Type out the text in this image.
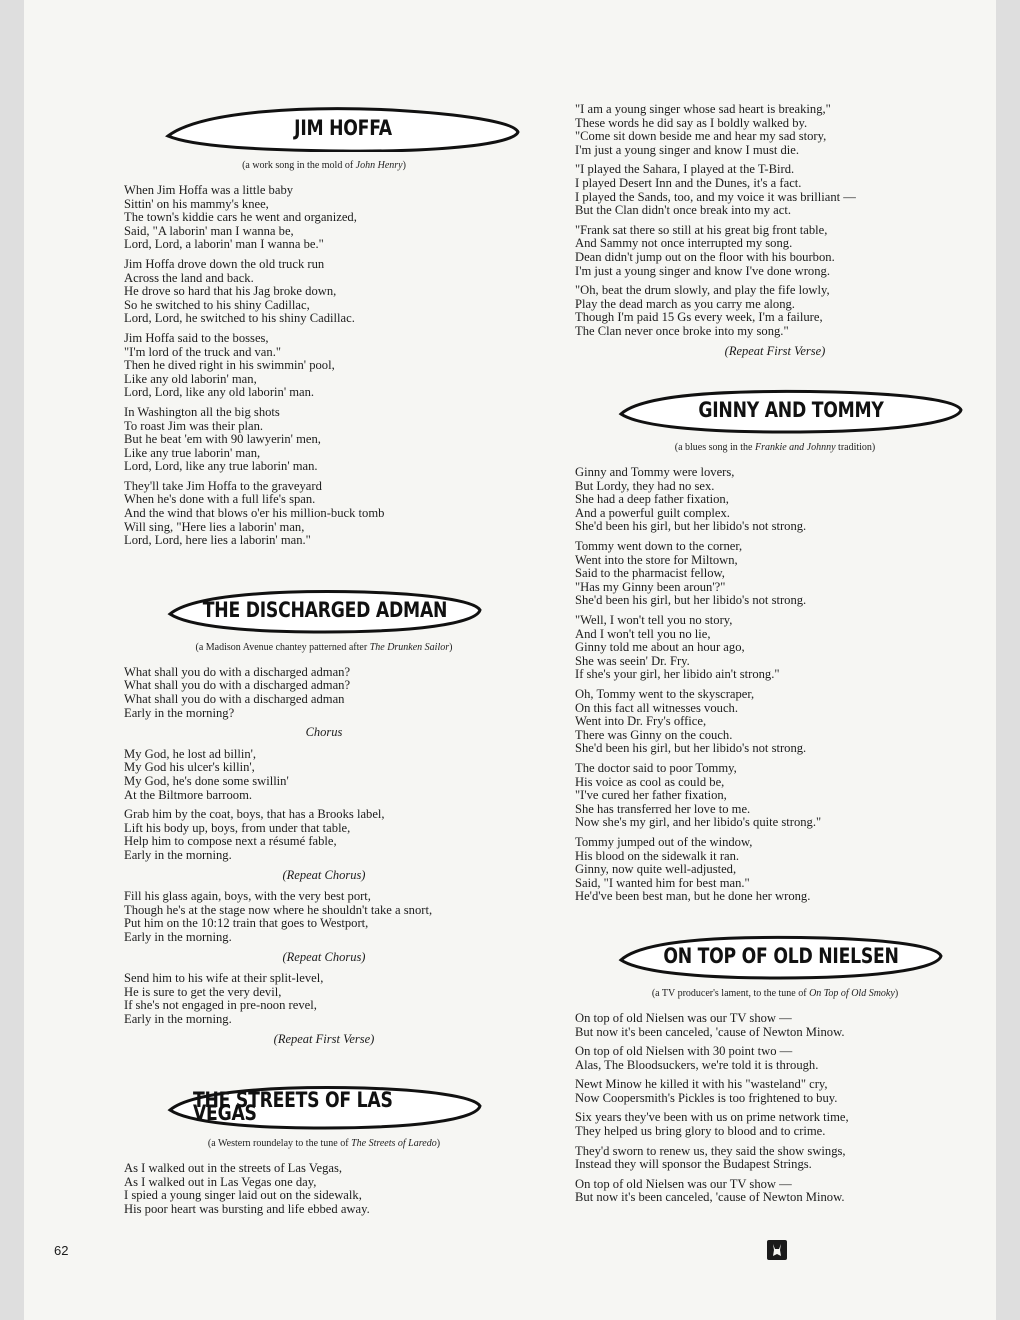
JIM HOFFA
(a work song in the mold of John Henry)
When Jim Hoffa was a little baby
Sittin' on his mammy's knee,
The town's kiddie cars he went and organized,
Said, "A laborin' man I wanna be,
Lord, Lord, a laborin' man I wanna be."
Jim Hoffa drove down the old truck run
Across the land and back.
He drove so hard that his Jag broke down,
So he switched to his shiny Cadillac,
Lord, Lord, he switched to his shiny Cadillac.
Jim Hoffa said to the bosses,
"I'm lord of the truck and van."
Then he dived right in his swimmin' pool,
Like any old laborin' man,
Lord, Lord, like any old laborin' man.
In Washington all the big shots
To roast Jim was their plan.
But he beat 'em with 90 lawyerin' men,
Like any true laborin' man,
Lord, Lord, like any true laborin' man.
They'll take Jim Hoffa to the graveyard
When he's done with a full life's span.
And the wind that blows o'er his million-buck tomb
Will sing, "Here lies a laborin' man,
Lord, Lord, here lies a laborin' man."
THE DISCHARGED ADMAN
(a Madison Avenue chantey patterned after The Drunken Sailor)
What shall you do with a discharged adman?
What shall you do with a discharged adman?
What shall you do with a discharged adman
Early in the morning?
Chorus
My God, he lost ad billin',
My God his ulcer's killin',
My God, he's done some swillin'
At the Biltmore barroom.
Grab him by the coat, boys, that has a Brooks label,
Lift his body up, boys, from under that table,
Help him to compose next a résumé fable,
Early in the morning.
(Repeat Chorus)
Fill his glass again, boys, with the very best port,
Though he's at the stage now where he shouldn't take a snort,
Put him on the 10:12 train that goes to Westport,
Early in the morning.
(Repeat Chorus)
Send him to his wife at their split-level,
He is sure to get the very devil,
If she's not engaged in pre-noon revel,
Early in the morning.
(Repeat First Verse)
THE STREETS OF LAS VEGAS
(a Western roundelay to the tune of The Streets of Laredo)
As I walked out in the streets of Las Vegas,
As I walked out in Las Vegas one day,
I spied a young singer laid out on the sidewalk,
His poor heart was bursting and life ebbed away.
"I am a young singer whose sad heart is breaking,"
These words he did say as I boldly walked by.
"Come sit down beside me and hear my sad story,
I'm just a young singer and know I must die.
"I played the Sahara, I played at the T-Bird.
I played Desert Inn and the Dunes, it's a fact.
I played the Sands, too, and my voice it was brilliant —
But the Clan didn't once break into my act.
"Frank sat there so still at his great big front table,
And Sammy not once interrupted my song.
Dean didn't jump out on the floor with his bourbon.
I'm just a young singer and know I've done wrong.
"Oh, beat the drum slowly, and play the fife lowly,
Play the dead march as you carry me along.
Though I'm paid 15 Gs every week, I'm a failure,
The Clan never once broke into my song."
(Repeat First Verse)
GINNY AND TOMMY
(a blues song in the Frankie and Johnny tradition)
Ginny and Tommy were lovers,
But Lordy, they had no sex.
She had a deep father fixation,
And a powerful guilt complex.
She'd been his girl, but her libido's not strong.
Tommy went down to the corner,
Went into the store for Miltown,
Said to the pharmacist fellow,
"Has my Ginny been aroun'?"
She'd been his girl, but her libido's not strong.
"Well, I won't tell you no story,
And I won't tell you no lie,
Ginny told me about an hour ago,
She was seein' Dr. Fry.
If she's your girl, her libido ain't strong."
Oh, Tommy went to the skyscraper,
On this fact all witnesses vouch.
Went into Dr. Fry's office,
There was Ginny on the couch.
She'd been his girl, but her libido's not strong.
The doctor said to poor Tommy,
His voice as cool as could be,
"I've cured her father fixation,
She has transferred her love to me.
Now she's my girl, and her libido's quite strong."
Tommy jumped out of the window,
His blood on the sidewalk it ran.
Ginny, now quite well-adjusted,
Said, "I wanted him for best man."
He'd've been best man, but he done her wrong.
ON TOP OF OLD NIELSEN
(a TV producer's lament, to the tune of On Top of Old Smoky)
On top of old Nielsen was our TV show —
But now it's been canceled, 'cause of Newton Minow.
On top of old Nielsen with 30 point two —
Alas, The Bloodsuckers, we're told it is through.
Newt Minow he killed it with his "wasteland" cry,
Now Coopersmith's Pickles is too frightened to buy.
Six years they've been with us on prime network time,
They helped us bring glory to blood and to crime.
They'd sworn to renew us, they said the show swings,
Instead they will sponsor the Budapest Strings.
On top of old Nielsen was our TV show —
But now it's been canceled, 'cause of Newton Minow.
62
